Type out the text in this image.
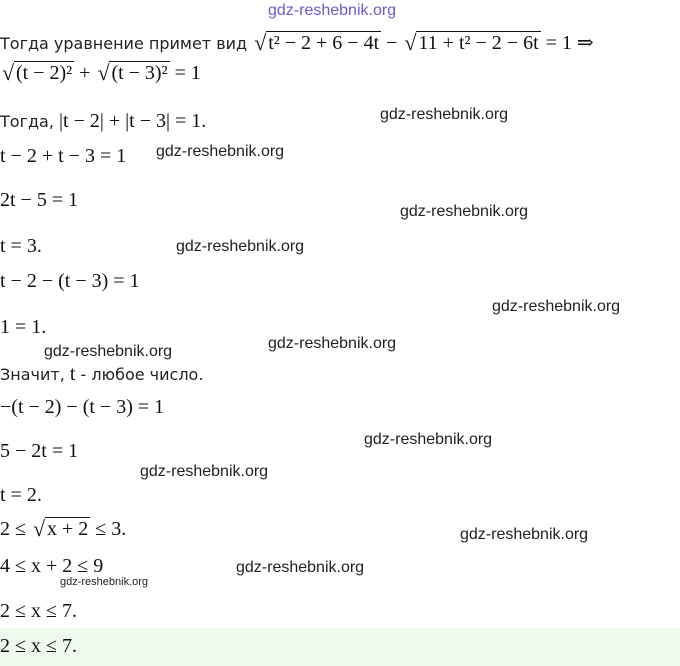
gdz-reshebnik.org
gdz-reshebnik.org
gdz-reshebnik.org
gdz-reshebnik.org
gdz-reshebnik.org
gdz-reshebnik.org
gdz-reshebnik.org
gdz-reshebnik.org
gdz-reshebnik.org
gdz-reshebnik.org
gdz-reshebnik.org
gdz-reshebnik.org
gdz-reshebnik.org
Тогда уравнение примет вид √ t² − 2 + 6 − 4t − √ 11 + t² − 2 − 6t = 1 ⇒
√ (t − 2)² + √ (t − 3)² = 1
Тогда, |t − 2| + |t − 3| = 1.
t − 2 + t − 3 = 1
2t − 5 = 1
t = 3.
t − 2 − (t − 3) = 1
1 = 1.
Значит, t - любое число.
−(t − 2) − (t − 3) = 1
5 − 2t = 1
t = 2.
2 ≤ √ x + 2 ≤ 3.
4 ≤ x + 2 ≤ 9
2 ≤ x ≤ 7.
2 ≤ x ≤ 7.
